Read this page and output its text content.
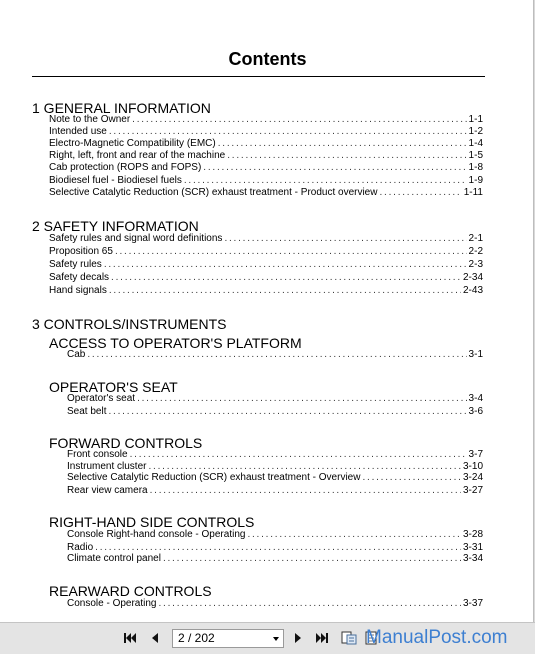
Contents
1 GENERAL INFORMATION
Note to the Owner . . .	1-1
Intended use . . .	1-2
Electro-Magnetic Compatibility (EMC) . . .	1-4
Right, left, front and rear of the machine . . .	1-5
Cab protection (ROPS and FOPS) . . .	1-8
Biodiesel fuel - Biodiesel fuels . . .	1-9
Selective Catalytic Reduction (SCR) exhaust treatment - Product overview . . .	1-11
2 SAFETY INFORMATION
Safety rules and signal word definitions . . .	2-1
Proposition 65 . . .	2-2
Safety rules . . .	2-3
Safety decals . . .	2-34
Hand signals . . .	2-43
3 CONTROLS/INSTRUMENTS
ACCESS TO OPERATOR'S PLATFORM
Cab . . .	3-1
OPERATOR'S SEAT
Operator's seat . . .	3-4
Seat belt . . .	3-6
FORWARD CONTROLS
Front console . . .	3-7
Instrument cluster . . .	3-10
Selective Catalytic Reduction (SCR) exhaust treatment - Overview . . .	3-24
Rear view camera . . .	3-27
RIGHT-HAND SIDE CONTROLS
Console Right-hand console - Operating . . .	3-28
Radio . . .	3-31
Climate control panel . . .	3-34
REARWARD CONTROLS
Console - Operating . . .	3-37
2 / 202	ManualPost.com
